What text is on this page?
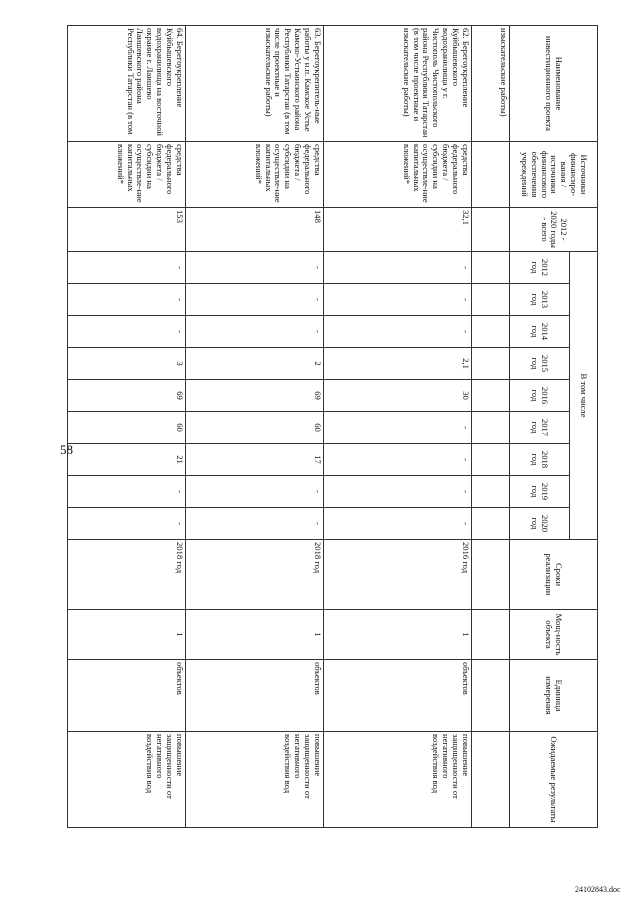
58
24102843.doc
Наименование инвестиционного проекта	Источники финансиро-вания / источники финансового обеспечения учреждений	2012 - 2020 годы - всего	В том числе									Сроки реализации	Мощ-ность объекта	Единица измерения	Ожидаемые результаты
			2012 год	2013 год	2014 год	2015 год	2016 год	2017 год	2018 год	2019 год	2020 год				
изыскательские работы)															
62. Берегоукрепление Куйбышевского водохранилища у г. Чистополь Чистопольского района Республики Татарстан (в том числе проектные и изыскательские работы)	средства федерального бюджета / субсидии на осуществле-ние капитальных вложений*	32,1	-	-	-	2,1	30	-	-	-	-	2016 год	1	объектов	повышение защищенности от негативного воздействия вод
63. Берегоукрепитель-ные работы у н.п. Камское Устье Камско-Устьинского района Республики Татарстан (в том числе проектные и изыскательские работы)	средства федерального бюджета / субсидии на осуществле-ние капитальных вложений*	148	-	-	-	2	69	60	17	-	-	2018 год	1	объектов	повышение защищенности от негативного воздействия вод
64. Берегоукрепление Куйбышевского водохранилища на восточной окраине г. Лаишево Лаишевского района Республики Татарстан (в том	средства федерального бюджета / субсидии на осуществле-ние капитальных вложений*	153	-	-	-	3	69	60	21	-	-	2018 год	1	объектов	повышение защищенности от негативного воздействия вод
